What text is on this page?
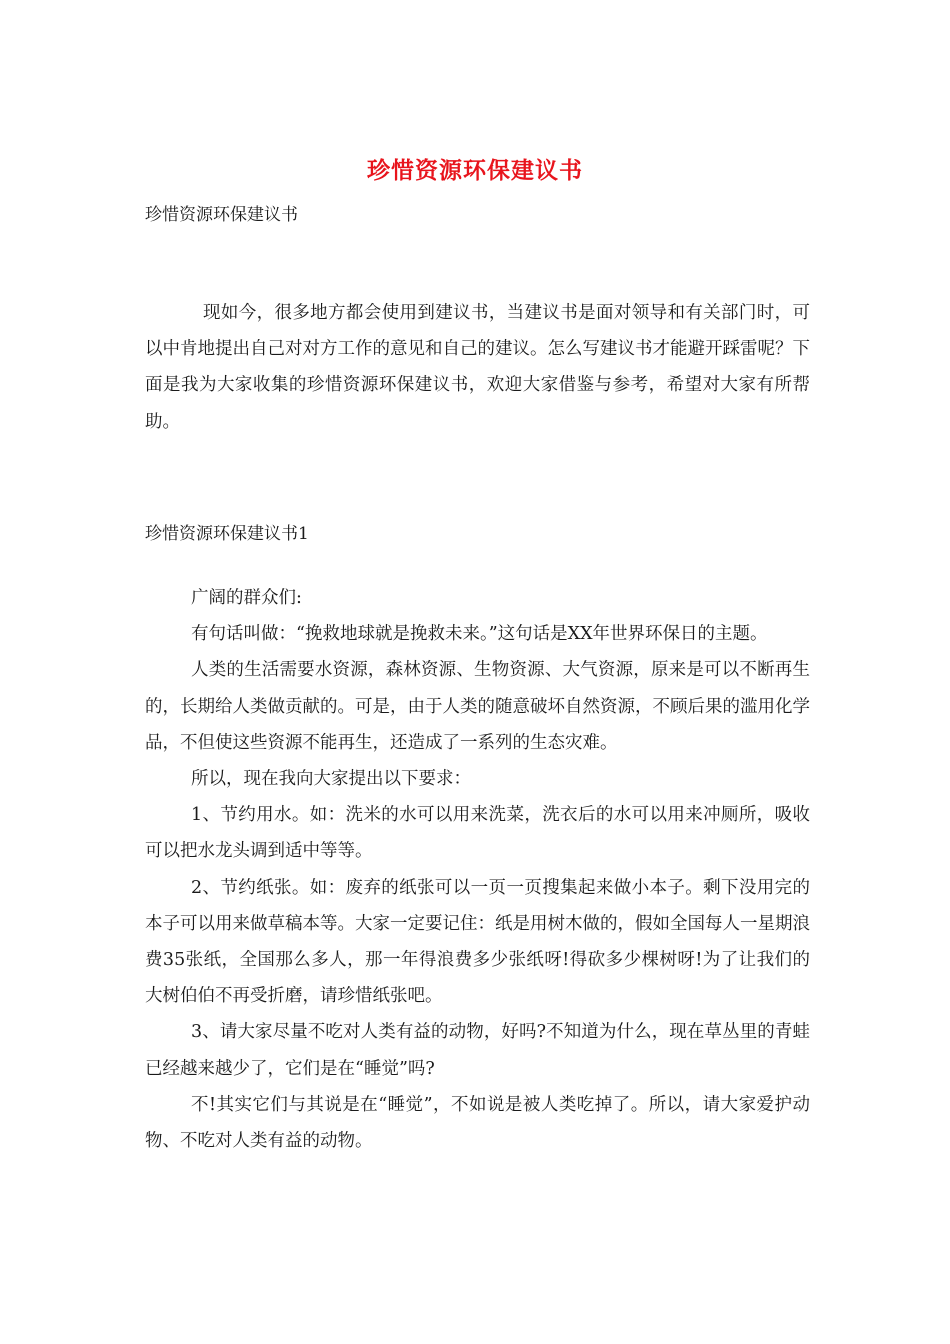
珍惜资源环保建议书

珍惜资源环保建议书

现如今，很多地方都会使用到建议书，当建议书是面对领导和有关部门时，可以中肯地提出自己对对方工作的意见和自己的建议。怎么写建议书才能避开踩雷呢？下面是我为大家收集的珍惜资源环保建议书，欢迎大家借鉴与参考，希望对大家有所帮助。

珍惜资源环保建议书1

广阔的群众们:

有句话叫做：“挽救地球就是挽救未来。”这句话是XX年世界环保日的主题。

人类的生活需要水资源，森林资源、生物资源、大气资源，原来是可以不断再生的，长期给人类做贡献的。可是，由于人类的随意破坏自然资源，不顾后果的滥用化学品，不但使这些资源不能再生，还造成了一系列的生态灾难。

所以，现在我向大家提出以下要求：

1、节约用水。如：洗米的水可以用来洗菜，洗衣后的水可以用来冲厕所，吸收可以把水龙头调到适中等等。

2、节约纸张。如：废弃的纸张可以一页一页搜集起来做小本子。剩下没用完的本子可以用来做草稿本等。大家一定要记住：纸是用树木做的，假如全国每人一星期浪费35张纸，全国那么多人，那一年得浪费多少张纸呀!得砍多少棵树呀!为了让我们的大树伯伯不再受折磨，请珍惜纸张吧。

3、请大家尽量不吃对人类有益的动物，好吗?不知道为什么，现在草丛里的青蛙已经越来越少了，它们是在“睡觉”吗?

不!其实它们与其说是在“睡觉”，不如说是被人类吃掉了。所以，请大家爱护动物、不吃对人类有益的动物。
